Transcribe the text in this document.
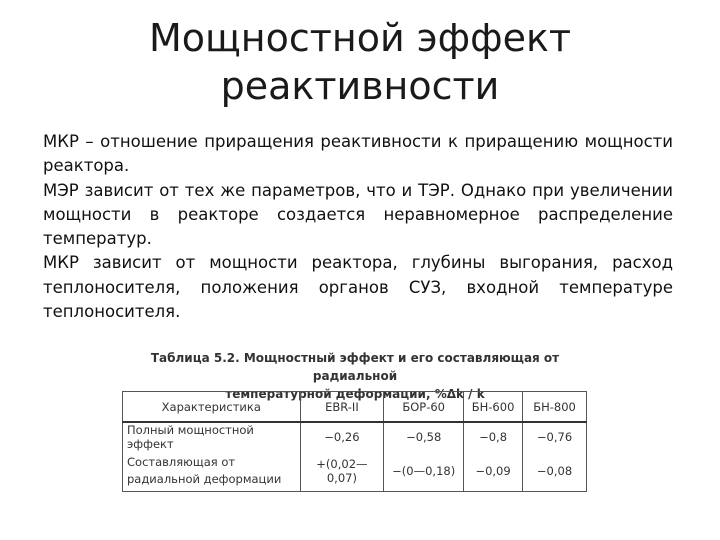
Мощностной эффект
реактивности

МКР – отношение приращения реактивности к приращению мощности реактора.

МЭР зависит от тех же параметров, что и ТЭР. Однако при увеличении мощности в реакторе создается неравномерное распределение температур.

МКР зависит от мощности реактора, глубины выгорания, расход теплоносителя, положения органов СУЗ, входной температуре теплоносителя.

Таблица 5.2. Мощностный эффект и его составляющая от радиальной
температурной деформации, %Δk / k
Характеристика	EBR-II	БОР-60	БН-600	БН-800
Полный мощностной эффект	−0,26	−0,58	−0,8	−0,76
Составляющая от радиальной деформации	+(0,02—0,07)	−(0—0,18)	−0,09	−0,08
